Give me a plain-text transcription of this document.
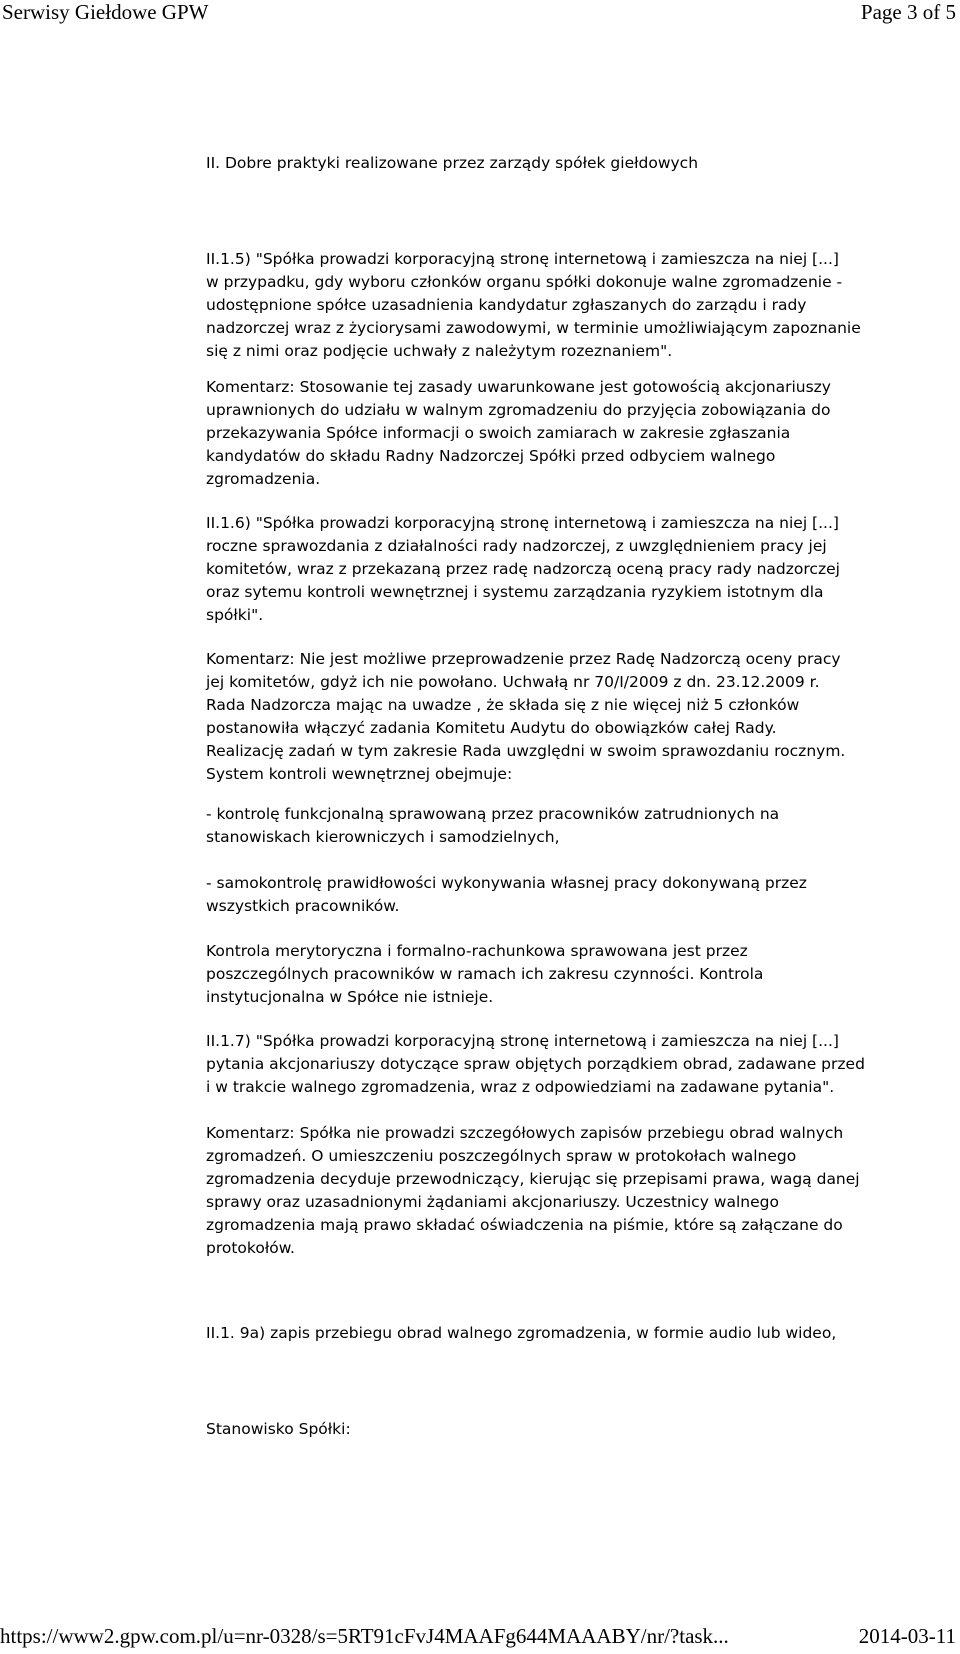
Serwisy Giełdowe GPW	Page 3 of 5
II. Dobre praktyki realizowane przez zarządy spółek giełdowych
II.1.5) "Spółka prowadzi korporacyjną stronę internetową i zamieszcza na niej [...]
w przypadku, gdy wyboru członków organu spółki dokonuje walne zgromadzenie -
udostępnione spółce uzasadnienia kandydatur zgłaszanych do zarządu i rady
nadzorczej wraz z życiorysami zawodowymi, w terminie umożliwiającym zapoznanie
się z nimi oraz podjęcie uchwały z należytym rozeznaniem".
Komentarz: Stosowanie tej zasady uwarunkowane jest gotowością akcjonariuszy
uprawnionych do udziału w walnym zgromadzeniu do przyjęcia zobowiązania do
przekazywania Spółce informacji o swoich zamiarach w zakresie zgłaszania
kandydatów do składu Radny Nadzorczej Spółki przed odbyciem walnego
zgromadzenia.
II.1.6) "Spółka prowadzi korporacyjną stronę internetową i zamieszcza na niej [...]
roczne sprawozdania z działalności rady nadzorczej, z uwzględnieniem pracy jej
komitetów, wraz z przekazaną przez radę nadzorczą oceną pracy rady nadzorczej
oraz sytemu kontroli wewnętrznej i systemu zarządzania ryzykiem istotnym dla
spółki".
Komentarz: Nie jest możliwe przeprowadzenie przez Radę Nadzorczą oceny pracy
jej komitetów, gdyż ich nie powołano. Uchwałą nr 70/I/2009 z dn. 23.12.2009 r.
Rada Nadzorcza mając na uwadze , że składa się z nie więcej niż 5 członków
postanowiła włączyć zadania Komitetu Audytu do obowiązków całej Rady.
Realizację zadań w tym zakresie Rada uwzględni w swoim sprawozdaniu rocznym.
System kontroli wewnętrznej obejmuje:
- kontrolę funkcjonalną sprawowaną przez pracowników zatrudnionych na
stanowiskach kierowniczych i samodzielnych,
- samokontrolę prawidłowości wykonywania własnej pracy dokonywaną przez
wszystkich pracowników.
Kontrola merytoryczna i formalno-rachunkowa sprawowana jest przez
poszczególnych pracowników w ramach ich zakresu czynności. Kontrola
instytucjonalna w Spółce nie istnieje.
II.1.7) "Spółka prowadzi korporacyjną stronę internetową i zamieszcza na niej [...]
pytania akcjonariuszy dotyczące spraw objętych porządkiem obrad, zadawane przed
i w trakcie walnego zgromadzenia, wraz z odpowiedziami na zadawane pytania".
Komentarz: Spółka nie prowadzi szczegółowych zapisów przebiegu obrad walnych
zgromadzeń. O umieszczeniu poszczególnych spraw w protokołach walnego
zgromadzenia decyduje przewodniczący, kierując się przepisami prawa, wagą danej
sprawy oraz uzasadnionymi żądaniami akcjonariuszy. Uczestnicy walnego
zgromadzenia mają prawo składać oświadczenia na piśmie, które są załączane do
protokołów.
II.1. 9a) zapis przebiegu obrad walnego zgromadzenia, w formie audio lub wideo,
Stanowisko Spółki:
https://www2.gpw.com.pl/u=nr-0328/s=5RT91cFvJ4MAAFg644MAAABY/nr/?task...	2014-03-11
